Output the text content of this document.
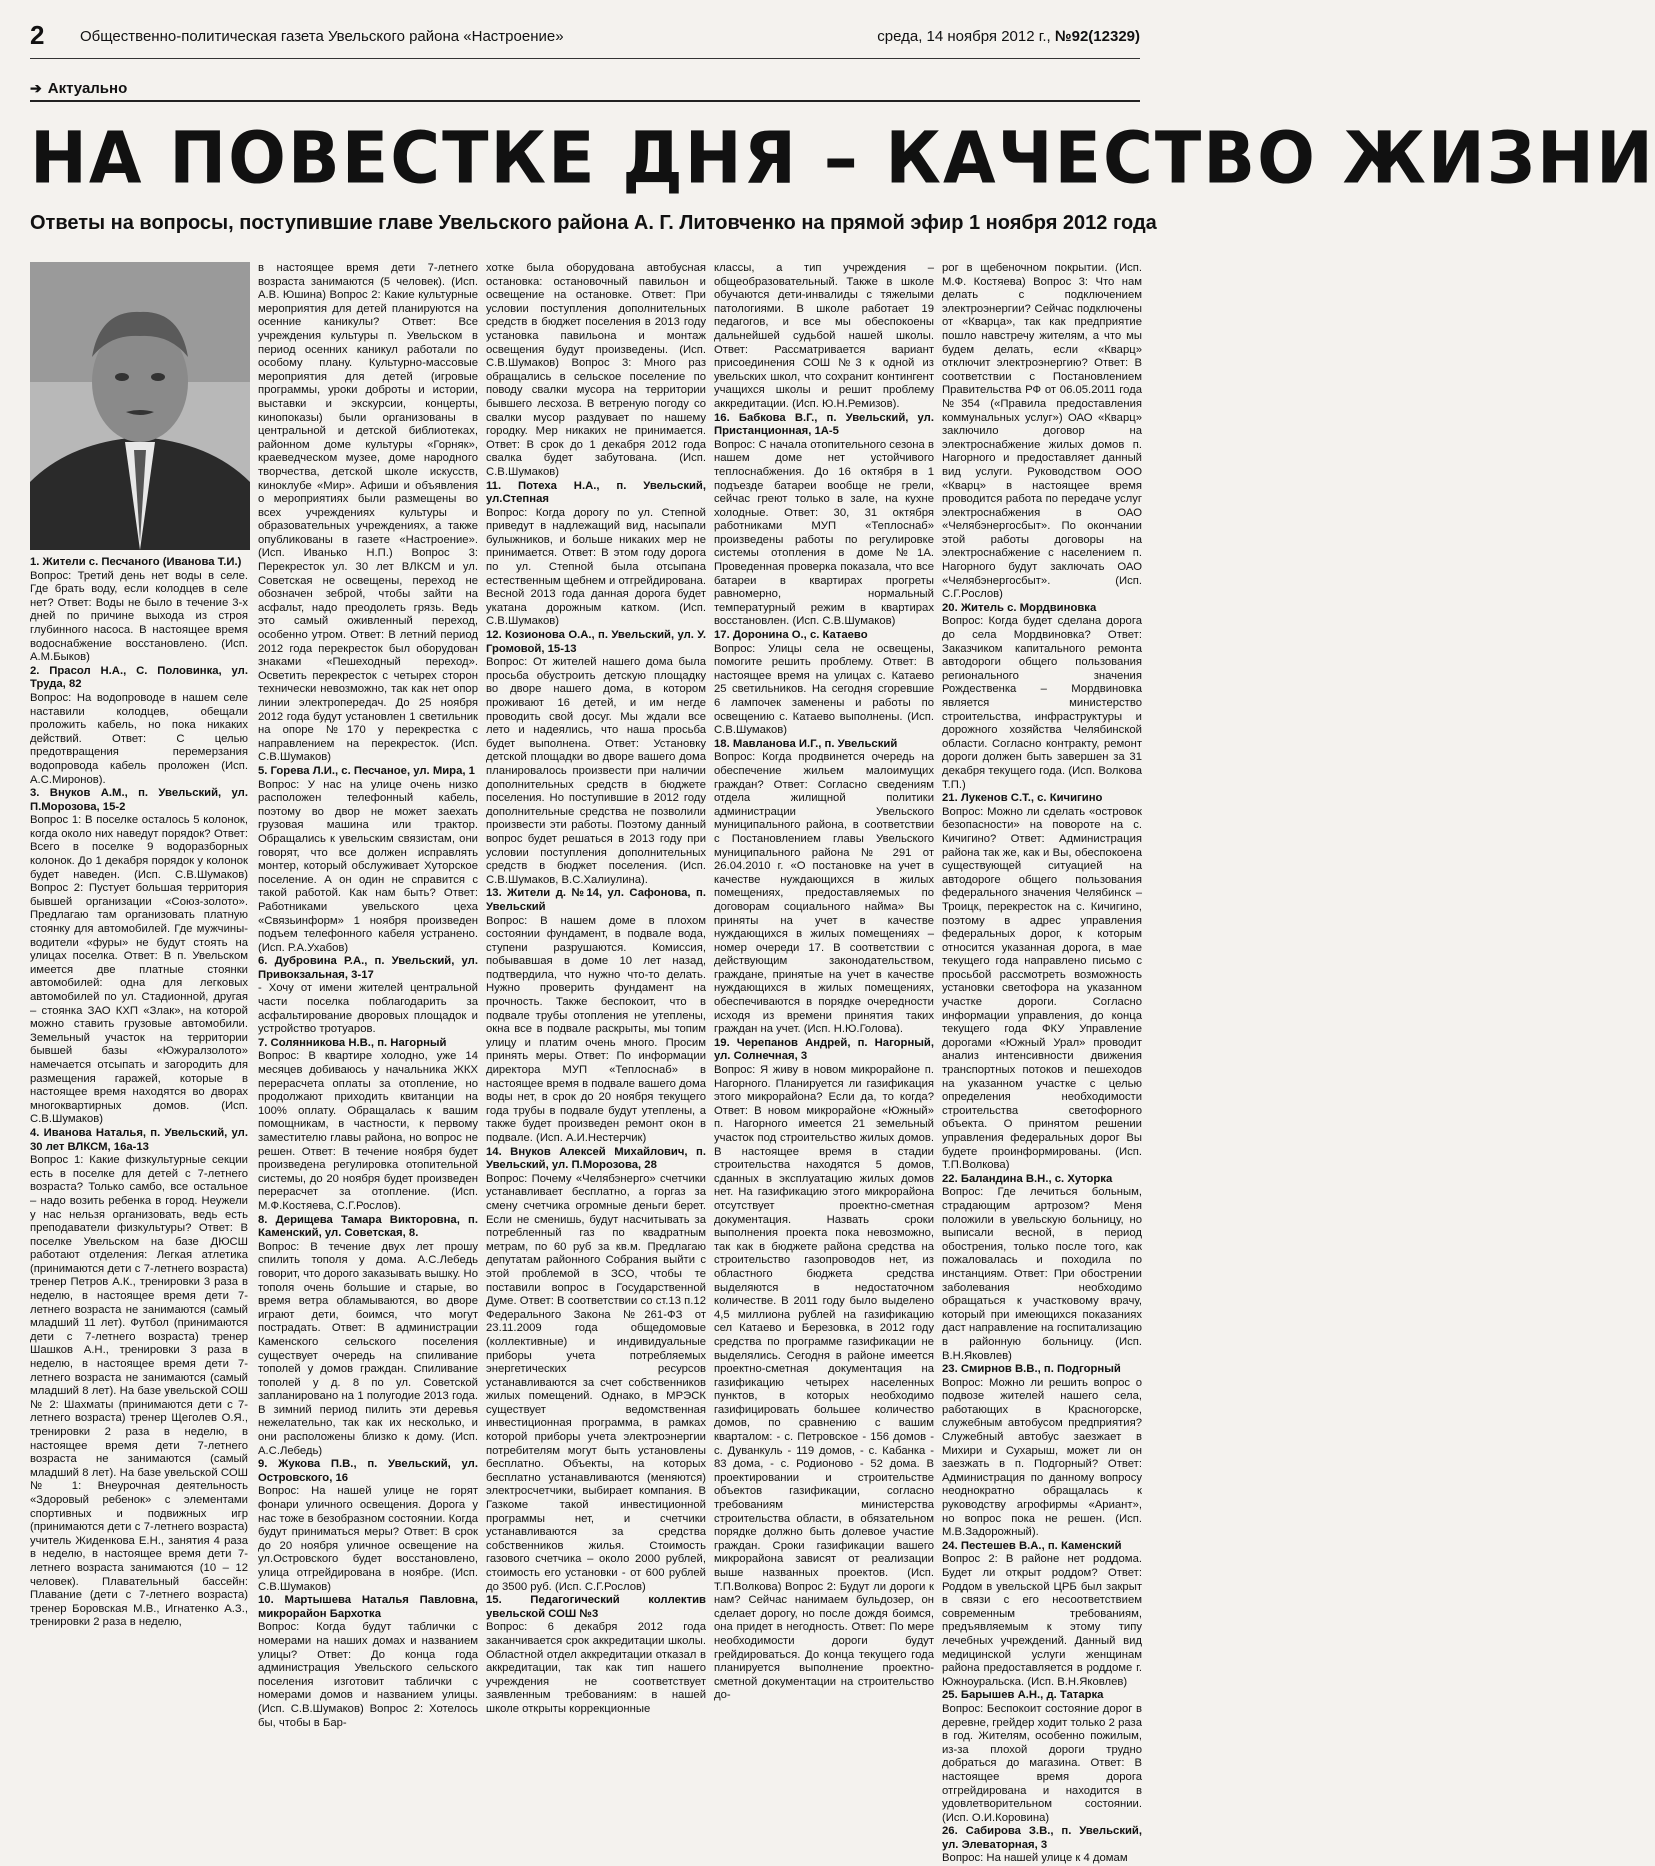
2 Общественно-политическая газета Увельского района «Настроение»	среда, 14 ноября 2012 г., №92(12329)
➔ Актуально
НА ПОВЕСТКЕ ДНЯ – КАЧЕСТВО ЖИЗНИ
Ответы на вопросы, поступившие главе Увельского района А. Г. Литовченко на прямой эфир 1 ноября 2012 года

1. Жители с. Песчаного (Иванова Т.И.)

Вопрос: Третий день нет воды в селе. Где брать воду, если колодцев в селе нет? Ответ: Воды не было в течение 3-х дней по причине выхода из строя глубинного насоса. В настоящее время водоснабжение восстановлено. (Исп. А.М.Быков)

2. Прасол Н.А., С. Половинка, ул. Труда, 82

Вопрос: На водопроводе в нашем селе наставили колодцев, обещали проложить кабель, но пока никаких действий. Ответ: С целью предотвращения перемерзания водопровода кабель проложен (Исп. А.С.Миронов).

3. Внуков А.М., п. Увельский, ул. П.Морозова, 15-2

Вопрос 1: В поселке осталось 5 колонок, когда около них наведут порядок? Ответ: Всего в поселке 9 водоразборных колонок. До 1 декабря порядок у колонок будет наведен. (Исп. С.В.Шумаков) Вопрос 2: Пустует большая территория бывшей организации «Союз-золото». Предлагаю там организовать платную стоянку для автомобилей. Где мужчины-водители «фуры» не будут стоять на улицах поселка. Ответ: В п. Увельском имеется две платные стоянки автомобилей: одна для легковых автомобилей по ул. Стадионной, другая – стоянка ЗАО КХП «Злак», на которой можно ставить грузовые автомобили. Земельный участок на территории бывшей базы «Южуралзолото» намечается отсыпать и загородить для размещения гаражей, которые в настоящее время находятся во дворах многоквартирных домов. (Исп. С.В.Шумаков)

4. Иванова Наталья, п. Увельский, ул. 30 лет ВЛКСМ, 16а-13

Вопрос 1: Какие физкультурные секции есть в поселке для детей с 7-летнего возраста? Только самбо, все остальное – надо возить ребенка в город. Неужели у нас нельзя организовать, ведь есть преподаватели физкультуры? Ответ: В поселке Увельском на базе ДЮСШ работают отделения: Легкая атлетика (принимаются дети с 7-летнего возраста) тренер Петров А.К., тренировки 3 раза в неделю, в настоящее время дети 7-летнего возраста не занимаются (самый младший 11 лет). Футбол (принимаются дети с 7-летнего возраста) тренер Шашков А.Н., тренировки 3 раза в неделю, в настоящее время дети 7-летнего возраста не занимаются (самый младший 8 лет). На базе увельской СОШ № 2: Шахматы (принимаются дети с 7-летнего возраста) тренер Щеголев О.Я., тренировки 2 раза в неделю, в настоящее время дети 7-летнего возраста не занимаются (самый младший 8 лет). На базе увельской СОШ № 1: Внеурочная деятельность «Здоровый ребенок» с элементами спортивных и подвижных игр (принимаются дети с 7-летнего возраста) учитель Жиденкова Е.Н., занятия 4 раза в неделю, в настоящее время дети 7-летнего возраста занимаются (10 – 12 человек). Плавательный бассейн: Плавание (дети с 7-летнего возраста) тренер Боровская М.В., Игнатенко А.З., тренировки 2 раза в неделю,

в настоящее время дети 7-летнего возраста занимаются (5 человек). (Исп. А.В. Юшина) Вопрос 2: Какие культурные мероприятия для детей планируются на осенние каникулы? Ответ: Все учреждения культуры п. Увельском в период осенних каникул работали по особому плану. Культурно-массовые мероприятия для детей (игровые программы, уроки доброты и истории, выставки и экскурсии, концерты, кинопоказы) были организованы в центральной и детской библиотеках, районном доме культуры «Горняк», краеведческом музее, доме народного творчества, детской школе искусств, киноклубе «Мир». Афиши и объявления о мероприятиях были размещены во всех учреждениях культуры и образовательных учреждениях, а также опубликованы в газете «Настроение». (Исп. Иванько Н.П.) Вопрос 3: Перекресток ул. 30 лет ВЛКСМ и ул. Советская не освещены, переход не обозначен зеброй, чтобы зайти на асфальт, надо преодолеть грязь. Ведь это самый оживленный переход, особенно утром. Ответ: В летний период 2012 года перекресток был оборудован знаками «Пешеходный переход». Осветить перекресток с четырех сторон технически невозможно, так как нет опор линии электропередач. До 25 ноября 2012 года будут установлен 1 светильник на опоре №170 у перекрестка с направлением на перекресток. (Исп. С.В.Шумаков)

5. Горева Л.И., с. Песчаное, ул. Мира, 1

Вопрос: У нас на улице очень низко расположен телефонный кабель, поэтому во двор не может заехать грузовая машина или трактор. Обращались к увельским связистам, они говорят, что все должен исправлять монтер, который обслуживает Хуторское поселение. А он один не справится с такой работой. Как нам быть? Ответ: Работниками увельского цеха «Связьинформ» 1 ноября произведен подъем телефонного кабеля устранено. (Исп. Р.А.Ухабов)

6. Дубровина Р.А., п. Увельский, ул. Привокзальная, 3-17

- Хочу от имени жителей центральной части поселка поблагодарить за асфальтирование дворовых площадок и устройство тротуаров.

7. Солянникова Н.В., п. Нагорный

Вопрос: В квартире холодно, уже 14 месяцев добиваюсь у начальника ЖКХ перерасчета оплаты за отопление, но продолжают приходить квитанции на 100% оплату. Обращалась к вашим помощникам, в частности, к первому заместителю главы района, но вопрос не решен. Ответ: В течение ноября будет произведена регулировка отопительной системы, до 20 ноября будет произведен перерасчет за отопление. (Исп. М.Ф.Костяева, С.Г.Рослов).

8. Дерищева Тамара Викторовна, п. Каменский, ул. Советская, 8.

Вопрос: В течение двух лет прошу спилить тополя у дома. А.С.Лебедь говорит, что дорого заказывать вышку. Но тополя очень большие и старые, во время ветра обламываются, во дворе играют дети, боимся, что могут пострадать. Ответ: В администрации Каменского сельского поселения существует очередь на спиливание тополей у домов граждан. Спиливание тополей у д. 8 по ул. Советской запланировано на 1 полугодие 2013 года. В зимний период пилить эти деревья нежелательно, так как их несколько, и они расположены близко к дому. (Исп. А.С.Лебедь)

9. Жукова П.В., п. Увельский, ул. Островского, 16

Вопрос: На нашей улице не горят фонари уличного освещения. Дорога у нас тоже в безобразном состоянии. Когда будут приниматься меры? Ответ: В срок до 20 ноября уличное освещение на ул.Островского будет восстановлено, улица отгрейдирована в ноябре. (Исп. С.В.Шумаков)

10. Мартышева Наталья Павловна, микрорайон Бархотка

Вопрос: Когда будут таблички с номерами на наших домах и названием улицы? Ответ: До конца года администрация Увельского сельского поселения изготовит таблички с номерами домов и названием улицы. (Исп. С.В.Шумаков) Вопрос 2: Хотелось бы, чтобы в Бар-

хотке была оборудована автобусная остановка: остановочный павильон и освещение на остановке. Ответ: При условии поступления дополнительных средств в бюджет поселения в 2013 году установка павильона и монтаж освещения будут произведены. (Исп. С.В.Шумаков) Вопрос 3: Много раз обращались в сельское поселение по поводу свалки мусора на территории бывшего лесхоза. В ветреную погоду со свалки мусор раздувает по нашему городку. Мер никаких не принимается. Ответ: В срок до 1 декабря 2012 года свалка будет забутована. (Исп. С.В.Шумаков)

11. Потеха Н.А., п. Увельский, ул.Степная

Вопрос: Когда дорогу по ул. Степной приведут в надлежащий вид, насыпали булыжников, и больше никаких мер не принимается. Ответ: В этом году дорога по ул. Степной была отсыпана естественным щебнем и отгрейдирована. Весной 2013 года данная дорога будет укатана дорожным катком. (Исп. С.В.Шумаков)

12. Козионова О.А., п. Увельский, ул. У. Громовой, 15-13

Вопрос: От жителей нашего дома была просьба обустроить детскую площадку во дворе нашего дома, в котором проживают 16 детей, и им негде проводить свой досуг. Мы ждали все лето и надеялись, что наша просьба будет выполнена. Ответ: Установку детской площадки во дворе вашего дома планировалось произвести при наличии дополнительных средств в бюджете поселения. Но поступившие в 2012 году дополнительные средства не позволили произвести эти работы. Поэтому данный вопрос будет решаться в 2013 году при условии поступления дополнительных средств в бюджет поселения. (Исп. С.В.Шумаков, В.С.Халиулина).

13. Жители д. №14, ул. Сафонова, п. Увельский

Вопрос: В нашем доме в плохом состоянии фундамент, в подвале вода, ступени разрушаются. Комиссия, побывавшая в доме 10 лет назад, подтвердила, что нужно что-то делать. Нужно проверить фундамент на прочность. Также беспокоит, что в подвале трубы отопления не утеплены, окна все в подвале раскрыты, мы топим улицу и платим очень много. Просим принять меры. Ответ: По информации директора МУП «Теплоснаб» в настоящее время в подвале вашего дома воды нет, в срок до 20 ноября текущего года трубы в подвале будут утеплены, а также будет произведен ремонт окон в подвале. (Исп. А.И.Нестерчик)

14. Внуков Алексей Михайлович, п. Увельский, ул. П.Морозова, 28

Вопрос: Почему «Челябэнерго» счетчики устанавливает бесплатно, а горгаз за смену счетчика огромные деньги берет. Если не сменишь, будут насчитывать за потребленный газ по квадратным метрам, по 60 руб за кв.м. Предлагаю депутатам районного Собрания выйти с этой проблемой в ЗСО, чтобы те поставили вопрос в Государственной Думе. Ответ: В соответствии со ст.13 п.12 Федерального Закона №261-ФЗ от 23.11.2009 года общедомовые (коллективные) и индивидуальные приборы учета потребляемых энергетических ресурсов устанавливаются за счет собственников жилых помещений. Однако, в МРЭСК существует ведомственная инвестиционная программа, в рамках которой приборы учета электроэнергии потребителям могут быть установлены бесплатно. Объекты, на которых бесплатно устанавливаются (меняются) электросчетчики, выбирает компания. В Газкоме такой инвестиционной программы нет, и счетчики устанавливаются за средства собственников жилья. Стоимость газового счетчика – около 2000 рублей, стоимость его установки - от 600 рублей до 3500 руб. (Исп. С.Г.Рослов)

15. Педагогический коллектив увельской СОШ №3

Вопрос: 6 декабря 2012 года заканчивается срок аккредитации школы. Областной отдел аккредитации отказал в аккредитации, так как тип нашего учреждения не соответствует заявленным требованиям: в нашей школе открыты коррекционные

классы, а тип учреждения – общеобразовательный. Также в школе обучаются дети-инвалиды с тяжелыми патологиями. В школе работает 19 педагогов, и все мы обеспокоены дальнейшей судьбой нашей школы. Ответ: Рассматривается вариант присоединения СОШ №3 к одной из увельских школ, что сохранит контингент учащихся школы и решит проблему аккредитации. (Исп. Ю.Н.Ремизов).

16. Бабкова В.Г., п. Увельский, ул. Пристанционная, 1А-5

Вопрос: С начала отопительного сезона в нашем доме нет устойчивого теплоснабжения. До 16 октября в 1 подъезде батареи вообще не грели, сейчас греют только в зале, на кухне холодные. Ответ: 30, 31 октября работниками МУП «Теплоснаб» произведены работы по регулировке системы отопления в доме №1А. Проведенная проверка показала, что все батареи в квартирах прогреты равномерно, нормальный температурный режим в квартирах восстановлен. (Исп. С.В.Шумаков)

17. Доронина О., с. Катаево

Вопрос: Улицы села не освещены, помогите решить проблему. Ответ: В настоящее время на улицах с. Катаево 25 светильников. На сегодня сгоревшие 6 лампочек заменены и работы по освещению с. Катаево выполнены. (Исп. С.В.Шумаков)

18. Мавланова И.Г., п. Увельский

Вопрос: Когда продвинется очередь на обеспечение жильем малоимущих граждан? Ответ: Согласно сведениям отдела жилищной политики администрации Увельского муниципального района, в соответствии с Постановлением главы Увельского муниципального района № 291 от 26.04.2010 г. «О постановке на учет в качестве нуждающихся в жилых помещениях, предоставляемых по договорам социального найма» Вы приняты на учет в качестве нуждающихся в жилых помещениях – номер очереди 17. В соответствии с действующим законодательством, граждане, принятые на учет в качестве нуждающихся в жилых помещениях, обеспечиваются в порядке очередности исходя из времени принятия таких граждан на учет. (Исп. Н.Ю.Голова).

19. Черепанов Андрей, п. Нагорный, ул. Солнечная, 3

Вопрос: Я живу в новом микрорайоне п. Нагорного. Планируется ли газификация этого микрорайона? Если да, то когда? Ответ: В новом микрорайоне «Южный» п. Нагорного имеется 21 земельный участок под строительство жилых домов. В настоящее время в стадии строительства находятся 5 домов, сданных в эксплуатацию жилых домов нет. На газификацию этого микрорайона отсутствует проектно-сметная документация. Назвать сроки выполнения проекта пока невозможно, так как в бюджете района средства на строительство газопроводов нет, из областного бюджета средства выделяются в недостаточном количестве. В 2011 году было выделено 4,5 миллиона рублей на газификацию сел Катаево и Березовка, в 2012 году средства по программе газификации не выделялись. Сегодня в районе имеется проектно-сметная документация на газификацию четырех населенных пунктов, в которых необходимо газифицировать большее количество домов, по сравнению с вашим кварталом: - с. Петровское - 156 домов - с. Дуванкуль - 119 домов, - с. Кабанка - 83 дома, - с. Родионово - 52 дома. В проектировании и строительстве объектов газификации, согласно требованиям министерства строительства области, в обязательном порядке должно быть долевое участие граждан. Сроки газификации вашего микрорайона зависят от реализации выше названных проектов. (Исп. Т.П.Волкова) Вопрос 2: Будут ли дороги к нам? Сейчас нанимаем бульдозер, он сделает дорогу, но после дождя боимся, она придет в негодность. Ответ: По мере необходимости дороги будут грейдироваться. До конца текущего года планируется выполнение проектно-сметной документации на строительство до-

рог в щебеночном покрытии. (Исп. М.Ф. Костяева) Вопрос 3: Что нам делать с подключением электроэнергии? Сейчас подключены от «Кварца», так как предприятие пошло навстречу жителям, а что мы будем делать, если «Кварц» отключит электроэнергию? Ответ: В соответствии с Постановлением Правительства РФ от 06.05.2011 года №354 («Правила предоставления коммунальных услуг») ОАО «Кварц» заключило договор на электроснабжение жилых домов п. Нагорного и предоставляет данный вид услуги. Руководством ООО «Кварц» в настоящее время проводится работа по передаче услуг электроснабжения в ОАО «Челябэнергосбыт». По окончании этой работы договоры на электроснабжение с населением п. Нагорного будут заключать ОАО «Челябэнергосбыт». (Исп. С.Г.Рослов)

20. Житель с. Мордвиновка

Вопрос: Когда будет сделана дорога до села Мордвиновка? Ответ: Заказчиком капитального ремонта автодороги общего пользования регионального значения Рождественка – Мордвиновка является министерство строительства, инфраструктуры и дорожного хозяйства Челябинской области. Согласно контракту, ремонт дороги должен быть завершен за 31 декабря текущего года. (Исп. Волкова Т.П.)

21. Лукенов С.Т., с. Кичигино

Вопрос: Можно ли сделать «островок безопасности» на повороте на с. Кичигино? Ответ: Администрация района так же, как и Вы, обеспокоена существующей ситуацией на автодороге общего пользования федерального значения Челябинск – Троицк, перекресток на с. Кичигино, поэтому в адрес управления федеральных дорог, к которым относится указанная дорога, в мае текущего года направлено письмо с просьбой рассмотреть возможность установки светофора на указанном участке дороги. Согласно информации управления, до конца текущего года ФКУ Управление дорогами «Южный Урал» проводит анализ интенсивности движения транспортных потоков и пешеходов на указанном участке с целью определения необходимости строительства светофорного объекта. О принятом решении управления федеральных дорог Вы будете проинформированы. (Исп. Т.П.Волкова)

22. Баландина В.Н., с. Хуторка

Вопрос: Где лечиться больным, страдающим артрозом? Меня положили в увельскую больницу, но выписали весной, в период обострения, только после того, как пожаловалась и походила по инстанциям. Ответ: При обострении заболевания необходимо обращаться к участковому врачу, который при имеющихся показаниях даст направление на госпитализацию в районную больницу. (Исп. В.Н.Яковлев)

23. Смирнов В.В., п. Подгорный

Вопрос: Можно ли решить вопрос о подвозе жителей нашего села, работающих в Красногорске, служебным автобусом предприятия? Служебный автобус заезжает в Михири и Сухарыш, может ли он заезжать в п. Подгорный? Ответ: Администрация по данному вопросу неоднократно обращалась к руководству агрофирмы «Ариант», но вопрос пока не решен. (Исп. М.В.Задорожный).

24. Пестешев В.А., п. Каменский

Вопрос 2: В районе нет роддома. Будет ли открыт роддом? Ответ: Роддом в увельской ЦРБ был закрыт в связи с его несоответствием современным требованиям, предъявляемым к этому типу лечебных учреждений. Данный вид медицинской услуги женщинам района предоставляется в роддоме г. Южноуральска. (Исп. В.Н.Яковлев)

25. Барышев А.Н., д. Татарка

Вопрос: Беспокоит состояние дорог в деревне, грейдер ходит только 2 раза в год. Жителям, особенно пожилым, из-за плохой дороги трудно добраться до магазина. Ответ: В настоящее время дорога отгрейдирована и находится в удовлетворительном состоянии. (Исп. О.И.Коровина)

26. Сабирова З.В., п. Увельский, ул. Элеваторная, 3

Вопрос: На нашей улице к 4 домам
